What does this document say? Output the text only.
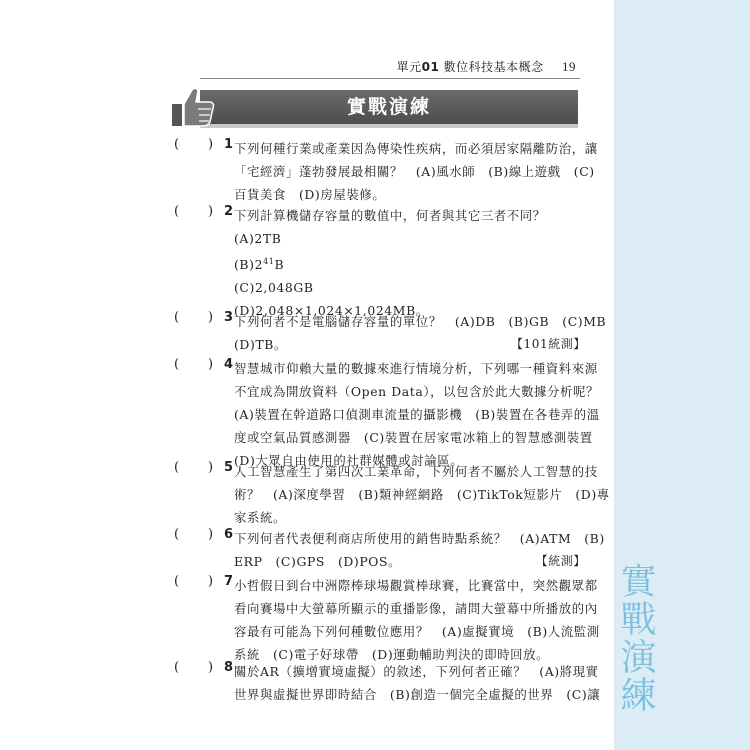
實戰演練
單元01 數位科技基本概念 19
實戰演練
( ) 1 下列何種行業或產業因為傳染性疾病，而必須居家隔離防治，讓
「宅經濟」蓬勃發展最相關？　(A)風水師　(B)線上遊戲　(C)
百貨美食　(D)房屋裝修。
( ) 2 下列計算機儲存容量的數值中，何者與其它三者不同？
(A)2TB
$(B)2^{41}B$
(C)2,048GB
(D)2,048×1,024×1,024MB。
( ) 3 下列何者不是電腦儲存容量的單位？　(A)DB　(B)GB　(C)MB
(D)TB。	【101統測】
( ) 4 智慧城市仰賴大量的數據來進行情境分析，下列哪一種資料來源
不宜成為開放資料（Open Data），以包含於此大數據分析呢？
(A)裝置在幹道路口偵測車流量的攝影機　(B)裝置在各巷弄的溫
度或空氣品質感測器　(C)裝置在居家電冰箱上的智慧感測裝置
(D)大眾自由使用的社群媒體或討論區。
( ) 5 人工智慧產生了第四次工業革命，下列何者不屬於人工智慧的技
術？　(A)深度學習　(B)類神經網路　(C)TikTok短影片　(D)專
家系統。
( ) 6 下列何者代表便利商店所使用的銷售時點系統？　(A)ATM　(B)
ERP　(C)GPS　(D)POS。	【統測】
( ) 7 小哲假日到台中洲際棒球場觀賞棒球賽，比賽當中，突然觀眾都
看向賽場中大螢幕所顯示的重播影像，請問大螢幕中所播放的內
容最有可能為下列何種數位應用？　(A)虛擬實境　(B)人流監測
系統　(C)電子好球帶　(D)運動輔助判決的即時回放。
( ) 8 關於AR（擴增實境虛擬）的敘述，下列何者正確？　(A)將現實
世界與虛擬世界即時結合　(B)創造一個完全虛擬的世界　(C)讓
